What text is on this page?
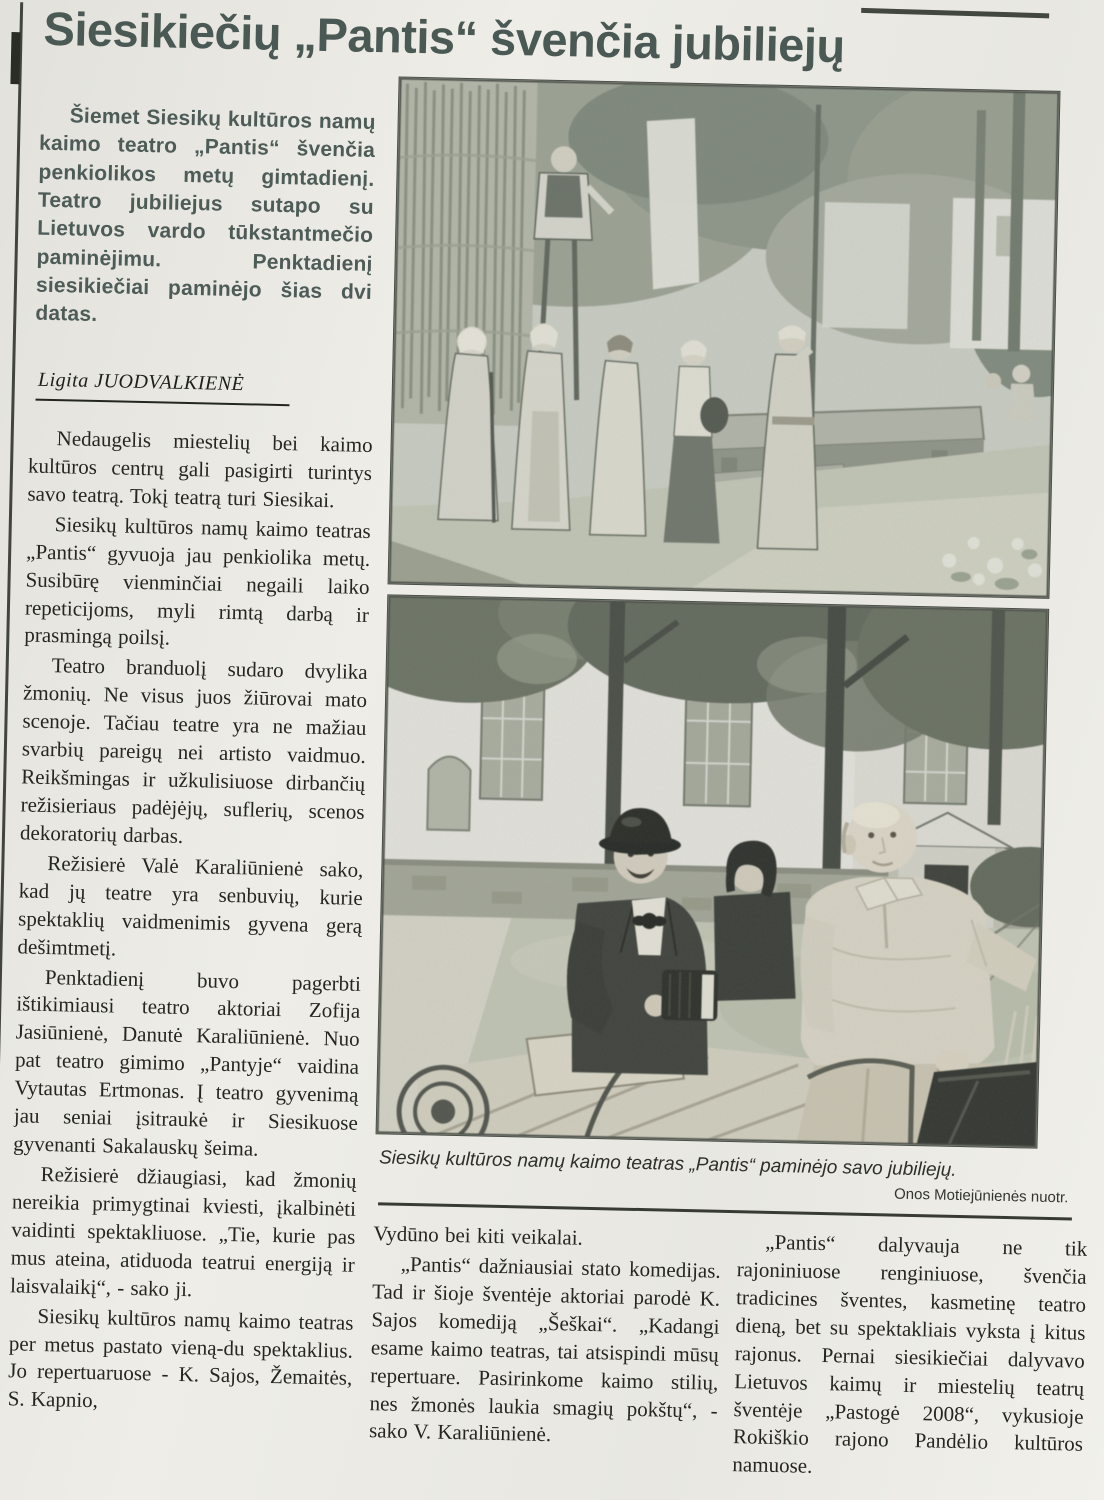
Siesikiečių „Pantis“ švenčia jubiliejų

Šiemet Siesikų kultūros namų kaimo teatro „Pantis“ švenčia penkiolikos metų gimtadienį. Teatro jubiliejus sutapo su Lietuvos vardo tūkstantmečio paminėjimu. Penktadienį siesikiečiai paminėjo šias dvi datas.

Ligita JUODVALKIENĖ

Nedaugelis miestelių bei kaimo kultūros centrų gali pasigirti turintys savo teatrą. Tokį teatrą turi Siesikai.

Siesikų kultūros namų kaimo teatras „Pantis“ gyvuoja jau penkiolika metų. Susibūrę vienminčiai negaili laiko repeticijoms, myli rimtą darbą ir prasmingą poilsį.

Teatro branduolį sudaro dvylika žmonių. Ne visus juos žiūrovai mato scenoje. Tačiau teatre yra ne mažiau svarbių pareigų nei artisto vaidmuo. Reikšmingas ir užkulisiuose dirbančių režisieriaus padėjėjų, suflerių, scenos dekoratorių darbas.

Režisierė Valė Karaliūnienė sako, kad jų teatre yra senbuvių, kurie spektaklių vaidmenimis gyvena gerą dešimtmetį.

Penktadienį buvo pagerbti ištikimiausi teatro aktoriai Zofija Jasiūnienė, Danutė Karaliūnienė. Nuo pat teatro gimimo „Pantyje“ vaidina Vytautas Ertmonas. Į teatro gyvenimą jau seniai įsitraukė ir Siesikuose gyvenanti Sakalauskų šeima.

Režisierė džiaugiasi, kad žmonių nereikia primygtinai kviesti, įkalbinėti vaidinti spektakliuose. „Tie, kurie pas mus ateina, atiduoda teatrui energiją ir laisvalaikį“, - sako ji.

Siesikų kultūros namų kaimo teatras per metus pastato vieną-du spektaklius. Jo repertuaruose - K. Sajos, Žemaitės, S. Kapnio,

Siesikų kultūros namų kaimo teatras „Pantis“ paminėjo savo jubiliejų.

Onos Motiejūnienės nuotr.

Vydūno bei kiti veikalai.

„Pantis“ dažniausiai stato komedijas. Tad ir šioje šventėje aktoriai parodė K. Sajos komediją „Šeškai“. „Kadangi esame kaimo teatras, tai atsispindi mūsų repertuare. Pasirinkome kaimo stilių, nes žmonės laukia smagių pokštų“, - sako V. Karaliūnienė.

„Pantis“ dalyvauja ne tik rajoniniuose renginiuose, švenčia tradicines šventes, kasmetinę teatro dieną, bet su spektakliais vyksta į kitus rajonus. Pernai siesikiečiai dalyvavo Lietuvos kaimų ir miestelių teatrų šventėje „Pastogė 2008“, vykusioje Rokiškio rajono Pandėlio kultūros namuose.
